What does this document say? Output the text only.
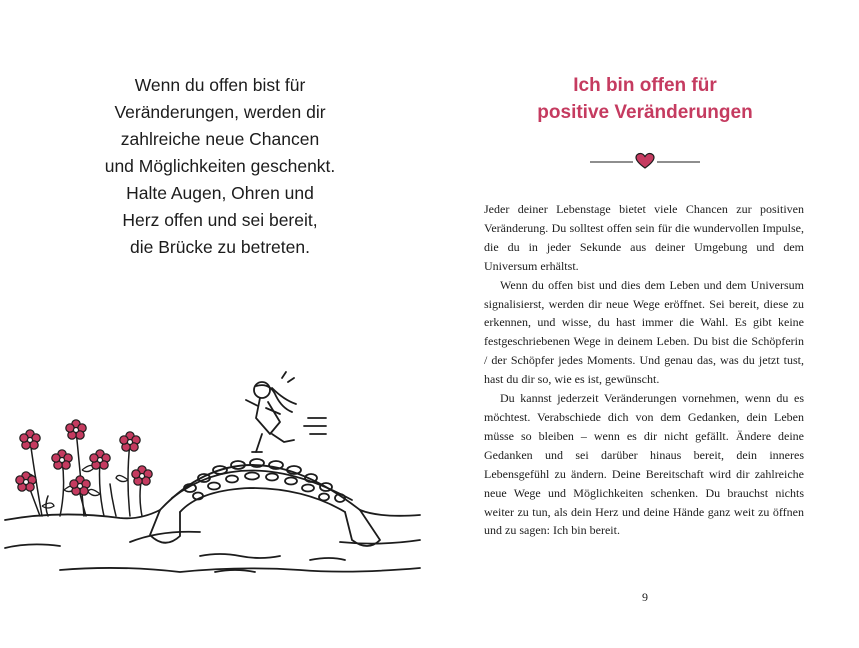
Wenn du offen bist für
Veränderungen, werden dir
zahlreiche neue Chancen
und Möglichkeiten geschenkt.
Halte Augen, Ohren und
Herz offen und sei bereit,
die Brücke zu betreten.
Ich bin offen für
positive Veränderungen

Jeder deiner Lebenstage bietet viele Chancen zur positiven Veränderung. Du solltest offen sein für die wundervollen Impulse, die du in jeder Sekunde aus deiner Umgebung und dem Universum erhältst.

Wenn du offen bist und dies dem Leben und dem Universum signalisierst, werden dir neue Wege eröffnet. Sei bereit, diese zu erkennen, und wisse, du hast immer die Wahl. Es gibt keine festgeschriebenen Wege in deinem Leben. Du bist die Schöpferin / der Schöpfer jedes Moments. Und genau das, was du jetzt tust, hast du dir so, wie es ist, gewünscht.

Du kannst jederzeit Veränderungen vornehmen, wenn du es möchtest. Verabschiede dich von dem Gedanken, dein Leben müsse so bleiben – wenn es dir nicht gefällt. Ändere deine Gedanken und sei darüber hinaus bereit, dein inneres Lebensgefühl zu ändern. Deine Bereitschaft wird dir zahlreiche neue Wege und Möglichkeiten schenken. Du brauchst nichts weiter zu tun, als dein Herz und deine Hände ganz weit zu öffnen und zu sagen: Ich bin bereit.

9
